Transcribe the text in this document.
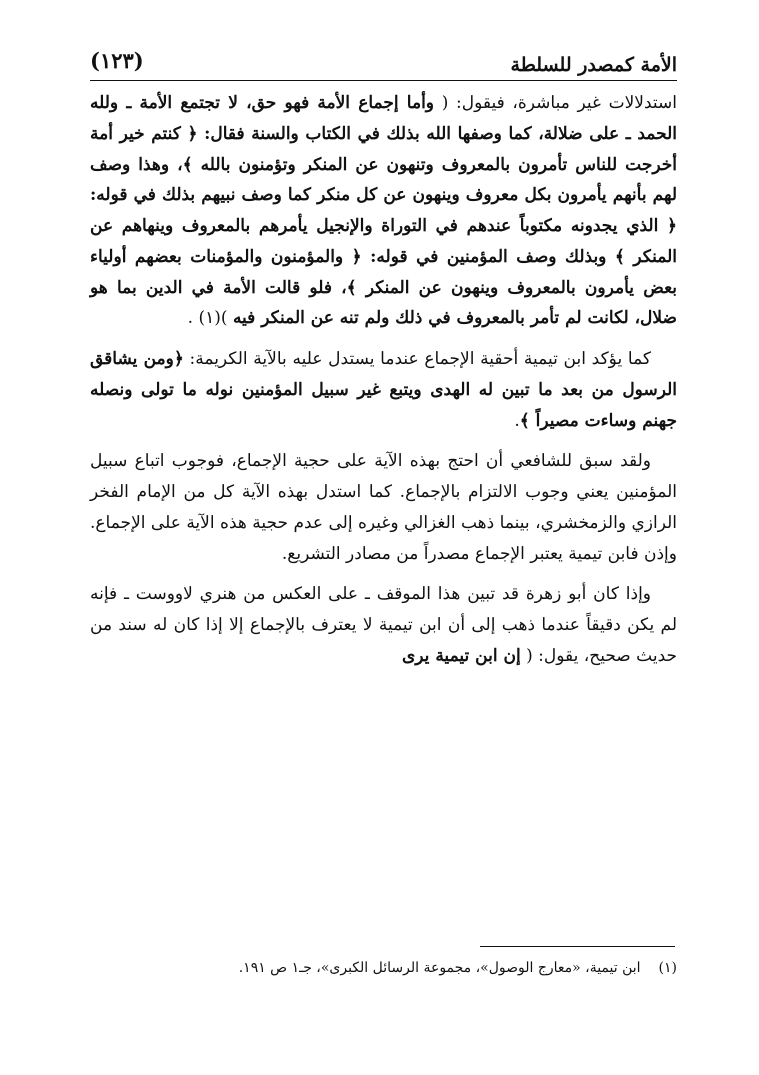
الأمة كمصدر للسلطة
(١٢٣)

استدلالات غير مباشرة، فيقول: ( وأما إجماع الأمة فهو حق، لا تجتمع الأمة ـ ولله الحمد ـ على ضلالة، كما وصفها الله بذلك في الكتاب والسنة فقال: ﴿ كنتم خير أمة أخرجت للناس تأمرون بالمعروف وتنهون عن المنكر وتؤمنون بالله ﴾، وهذا وصف لهم بأنهم يأمرون بكل معروف وينهون عن كل منكر كما وصف نبيهم بذلك في قوله: ﴿ الذي يجدونه مكتوباً عندهم في التوراة والإنجيل يأمرهم بالمعروف وينهاهم عن المنكر ﴾ وبذلك وصف المؤمنين في قوله: ﴿ والمؤمنون والمؤمنات بعضهم أولياء بعض يأمرون بالمعروف وينهون عن المنكر ﴾، فلو قالت الأمة في الدين بما هو ضلال، لكانت لم تأمر بالمعروف في ذلك ولم تنه عن المنكر فيه )(١) .

كما يؤكد ابن تيمية أحقية الإجماع عندما يستدل عليه بالآية الكريمة: ﴿ومن يشاقق الرسول من بعد ما تبين له الهدى ويتبع غير سبيل المؤمنين نوله ما تولى ونصله جهنم وساءت مصيراً ﴾.

ولقد سبق للشافعي أن احتج بهذه الآية على حجية الإجماع، فوجوب اتباع سبيل المؤمنين يعني وجوب الالتزام بالإجماع. كما استدل بهذه الآية كل من الإمام الفخر الرازي والزمخشري، بينما ذهب الغزالي وغيره إلى عدم حجية هذه الآية على الإجماع. وإذن فابن تيمية يعتبر الإجماع مصدراً من مصادر التشريع.

وإذا كان أبو زهرة قد تبين هذا الموقف ـ على العكس من هنري لاووست ـ فإنه لم يكن دقيقاً عندما ذهب إلى أن ابن تيمية لا يعترف بالإجماع إلا إذا كان له سند من حديث صحيح، يقول: ( إن ابن تيمية يرى

(١)ابن تيمية، «معارج الوصول»، مجموعة الرسائل الكبرى»، جـ١ ص ١٩١.
